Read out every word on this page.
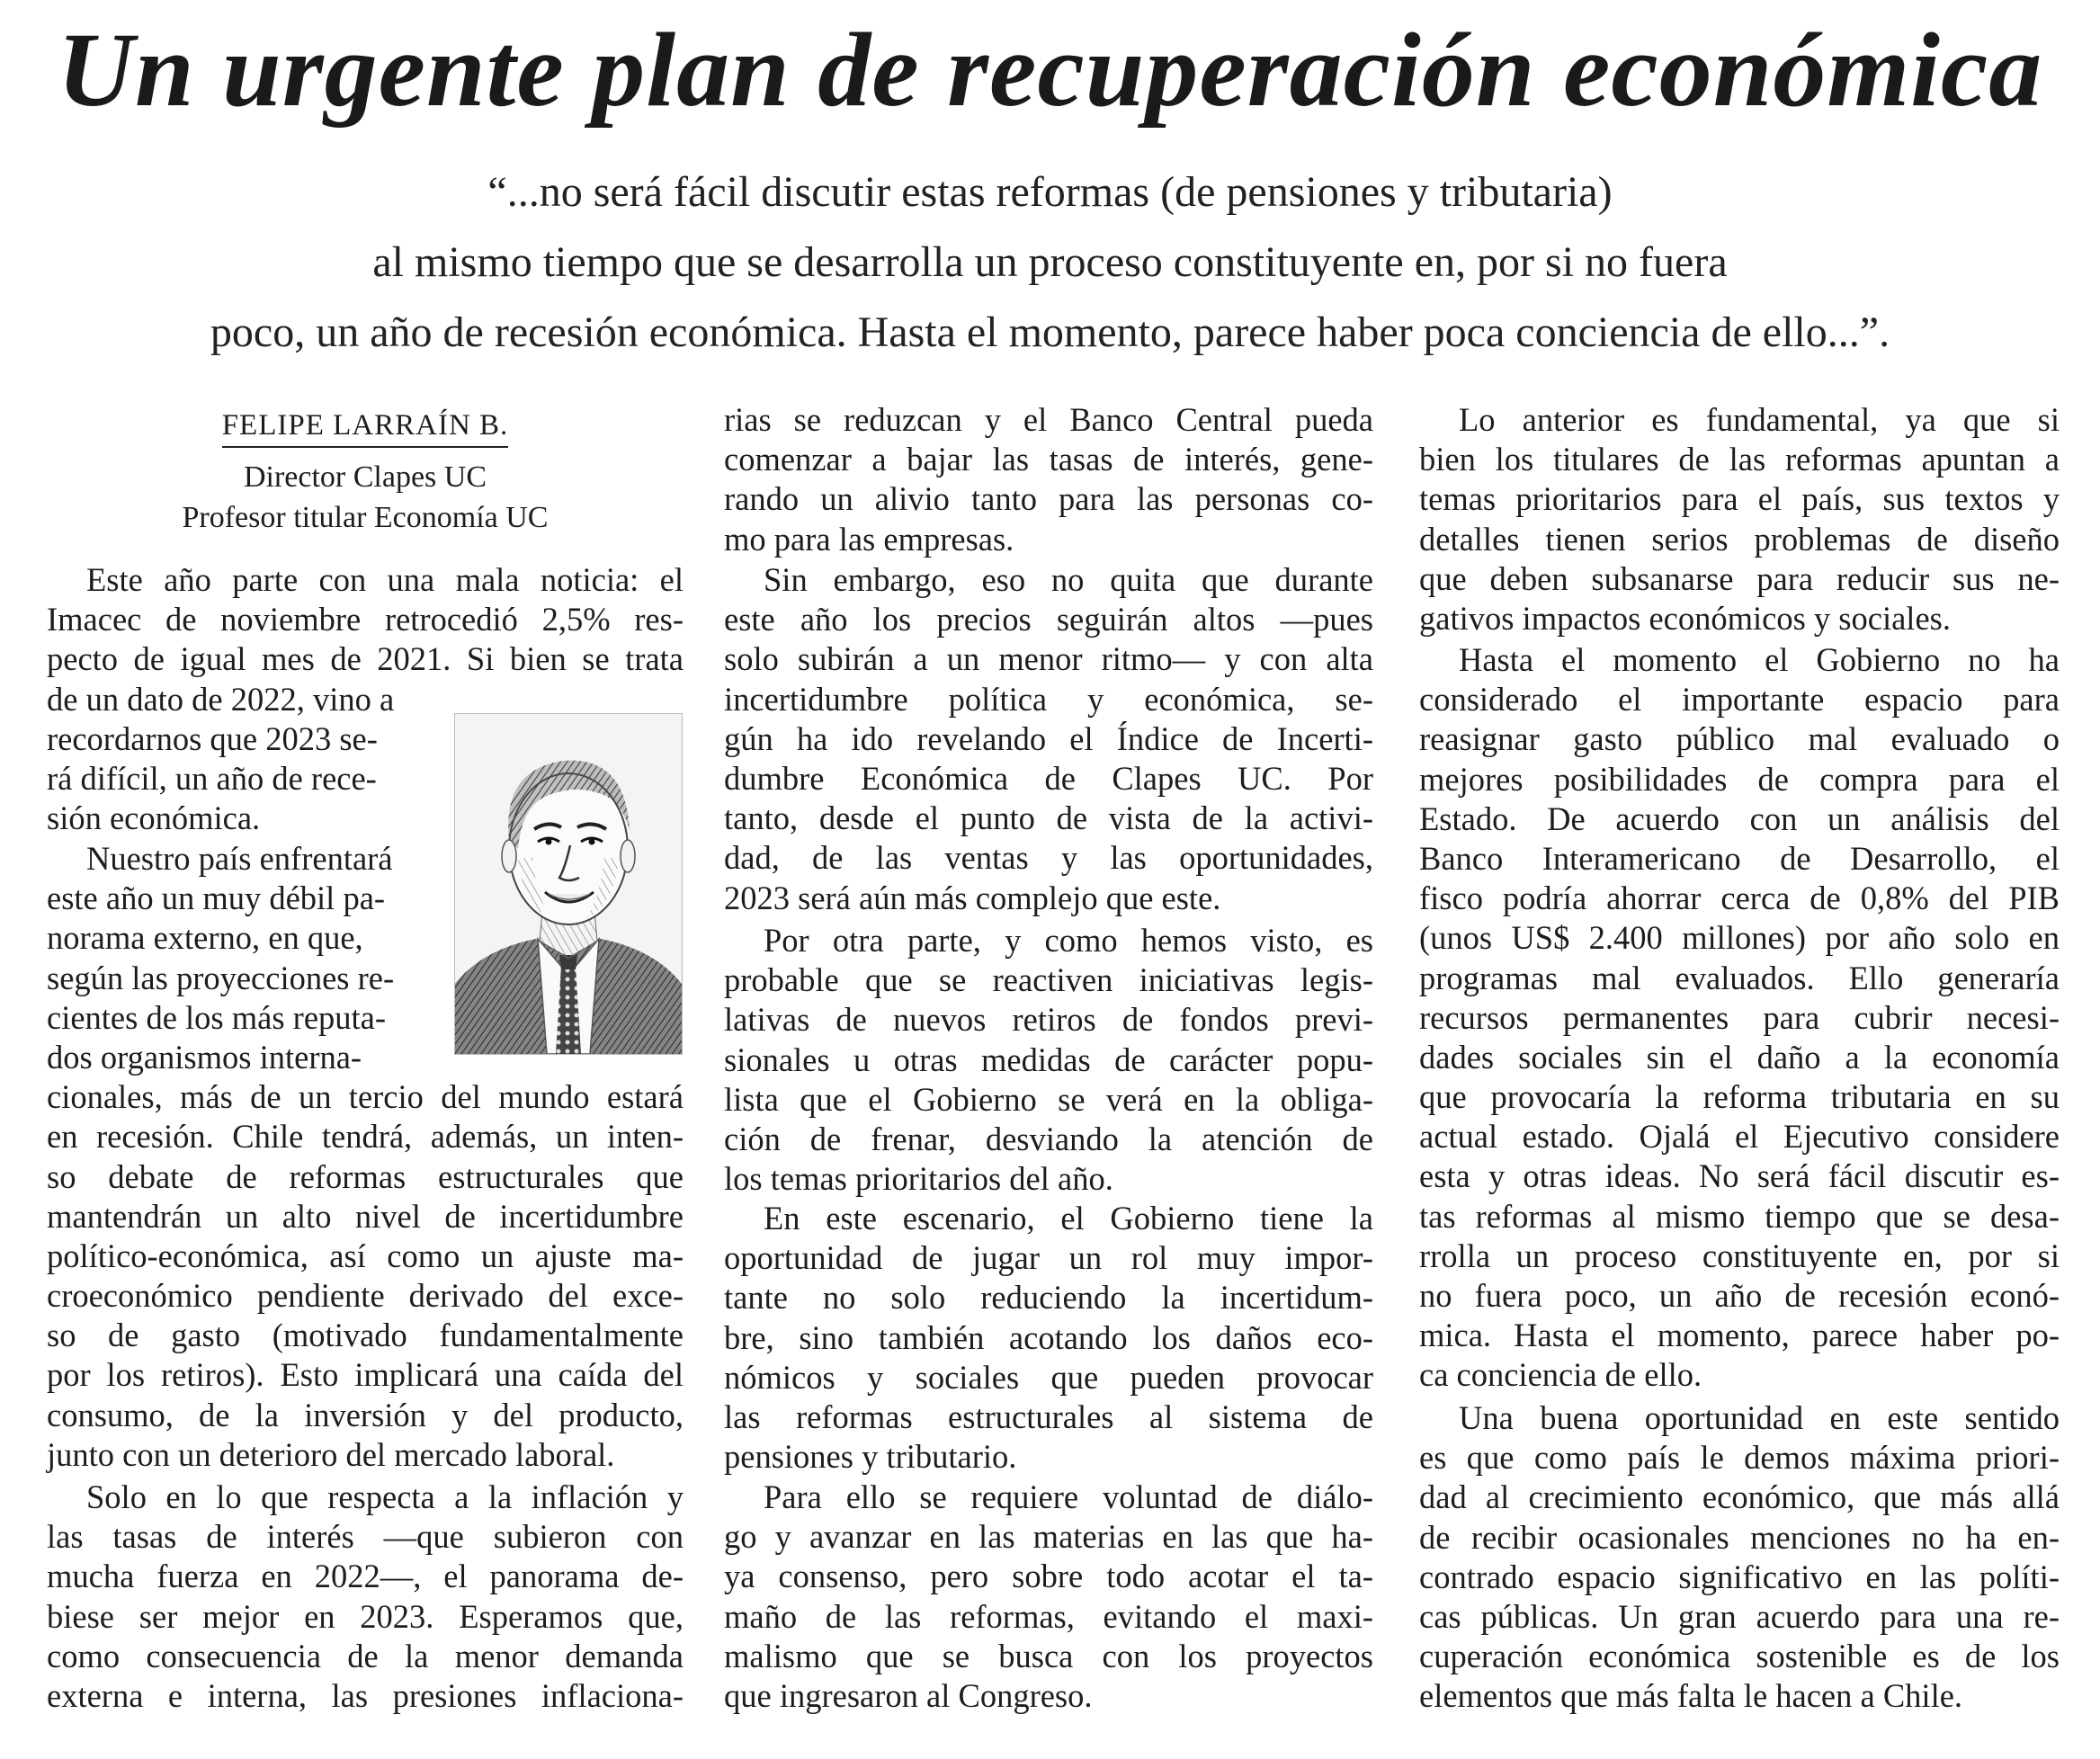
Un urgente plan de recuperación económica
“...no será fácil discutir estas reformas (de pensiones y tributaria)
al mismo tiempo que se desarrolla un proceso constituyente en, por si no fuera
poco, un año de recesión económica. Hasta el momento, parece haber poca conciencia de ello...”.
FELIPE LARRAÍN B.
Director Clapes UC
Profesor titular Economía UC
Este año parte con una mala noticia: el
Imacec de noviembre retrocedió 2,5% res-
pecto de igual mes de 2021. Si bien se trata
de un dato de 2022, vino a
recordarnos que 2023 se-
rá difícil, un año de rece-
sión económica.
Nuestro país enfrentará
este año un muy débil pa-
norama externo, en que,
según las proyecciones re-
cientes de los más reputa-
dos organismos interna-
cionales, más de un tercio del mundo estará
en recesión. Chile tendrá, además, un inten-
so debate de reformas estructurales que
mantendrán un alto nivel de incertidumbre
político-económica, así como un ajuste ma-
croeconómico pendiente derivado del exce-
so de gasto (motivado fundamentalmente
por los retiros). Esto implicará una caída del
consumo, de la inversión y del producto,
junto con un deterioro del mercado laboral.
Solo en lo que respecta a la inflación y
las tasas de interés —que subieron con
mucha fuerza en 2022—, el panorama de-
biese ser mejor en 2023. Esperamos que,
como consecuencia de la menor demanda
externa e interna, las presiones inflaciona-
rias se reduzcan y el Banco Central pueda
comenzar a bajar las tasas de interés, gene-
rando un alivio tanto para las personas co-
mo para las empresas.
Sin embargo, eso no quita que durante
este año los precios seguirán altos —pues
solo subirán a un menor ritmo— y con alta
incertidumbre política y económica, se-
gún ha ido revelando el Índice de Incerti-
dumbre Económica de Clapes UC. Por
tanto, desde el punto de vista de la activi-
dad, de las ventas y las oportunidades,
2023 será aún más complejo que este.
Por otra parte, y como hemos visto, es
probable que se reactiven iniciativas legis-
lativas de nuevos retiros de fondos previ-
sionales u otras medidas de carácter popu-
lista que el Gobierno se verá en la obliga-
ción de frenar, desviando la atención de
los temas prioritarios del año.
En este escenario, el Gobierno tiene la
oportunidad de jugar un rol muy impor-
tante no solo reduciendo la incertidum-
bre, sino también acotando los daños eco-
nómicos y sociales que pueden provocar
las reformas estructurales al sistema de
pensiones y tributario.
Para ello se requiere voluntad de diálo-
go y avanzar en las materias en las que ha-
ya consenso, pero sobre todo acotar el ta-
maño de las reformas, evitando el maxi-
malismo que se busca con los proyectos
que ingresaron al Congreso.
Lo anterior es fundamental, ya que si
bien los titulares de las reformas apuntan a
temas prioritarios para el país, sus textos y
detalles tienen serios problemas de diseño
que deben subsanarse para reducir sus ne-
gativos impactos económicos y sociales.
Hasta el momento el Gobierno no ha
considerado el importante espacio para
reasignar gasto público mal evaluado o
mejores posibilidades de compra para el
Estado. De acuerdo con un análisis del
Banco Interamericano de Desarrollo, el
fisco podría ahorrar cerca de 0,8% del PIB
(unos US$ 2.400 millones) por año solo en
programas mal evaluados. Ello generaría
recursos permanentes para cubrir necesi-
dades sociales sin el daño a la economía
que provocaría la reforma tributaria en su
actual estado. Ojalá el Ejecutivo considere
esta y otras ideas. No será fácil discutir es-
tas reformas al mismo tiempo que se desa-
rrolla un proceso constituyente en, por si
no fuera poco, un año de recesión econó-
mica. Hasta el momento, parece haber po-
ca conciencia de ello.
Una buena oportunidad en este sentido
es que como país le demos máxima priori-
dad al crecimiento económico, que más allá
de recibir ocasionales menciones no ha en-
contrado espacio significativo en las políti-
cas públicas. Un gran acuerdo para una re-
cuperación económica sostenible es de los
elementos que más falta le hacen a Chile.
